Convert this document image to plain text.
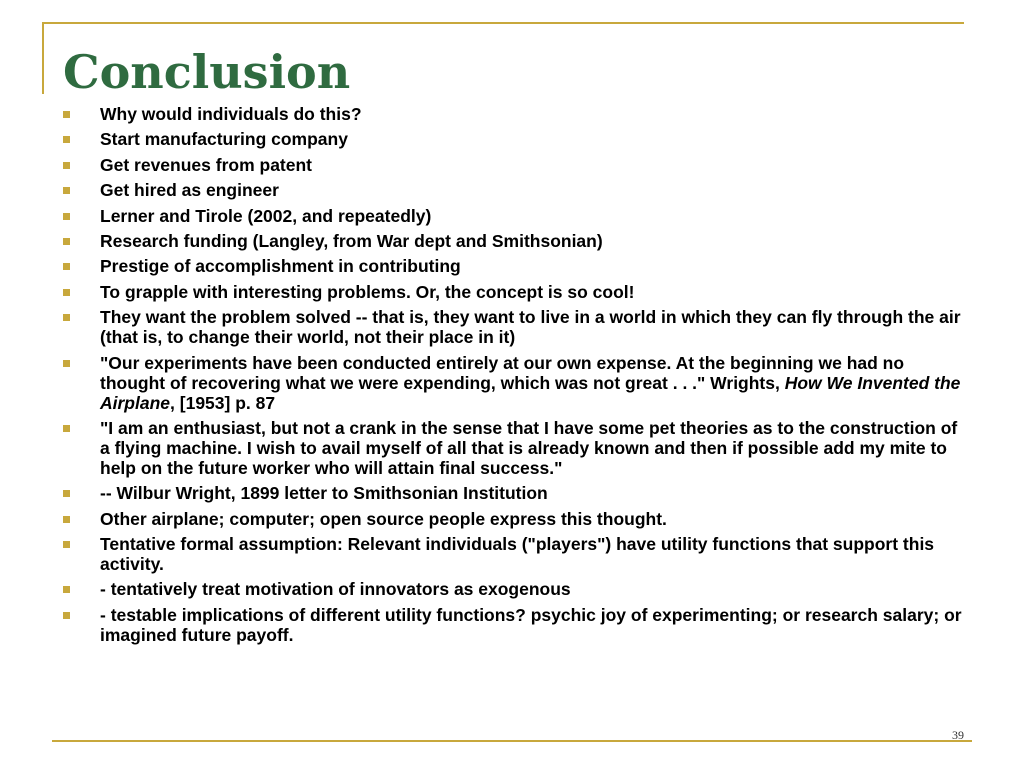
Conclusion
Why would individuals do this?
Start manufacturing company
Get revenues from patent
Get hired as engineer
Lerner and Tirole (2002, and repeatedly)
Research funding (Langley, from War dept and Smithsonian)
Prestige of accomplishment in contributing
To grapple with interesting problems. Or, the concept is so cool!
They want the problem solved -- that is, they want to live in a world in which they can fly through the air (that is, to change their world, not their place in it)
"Our experiments have been conducted entirely at our own expense. At the beginning we had no thought of recovering what we were expending, which was not great . . ." Wrights, How We Invented the Airplane, [1953] p. 87
"I am an enthusiast, but not a crank in the sense that I have some pet theories as to the construction of a flying machine. I wish to avail myself of all that is already known and then if possible add my mite to help on the future worker who will attain final success."
-- Wilbur Wright, 1899 letter to Smithsonian Institution
Other airplane; computer; open source people express this thought.
Tentative formal assumption: Relevant individuals ("players") have utility functions that support this activity.
- tentatively treat motivation of innovators as exogenous
- testable implications of different utility functions? psychic joy of experimenting; or research salary; or imagined future payoff.
39
